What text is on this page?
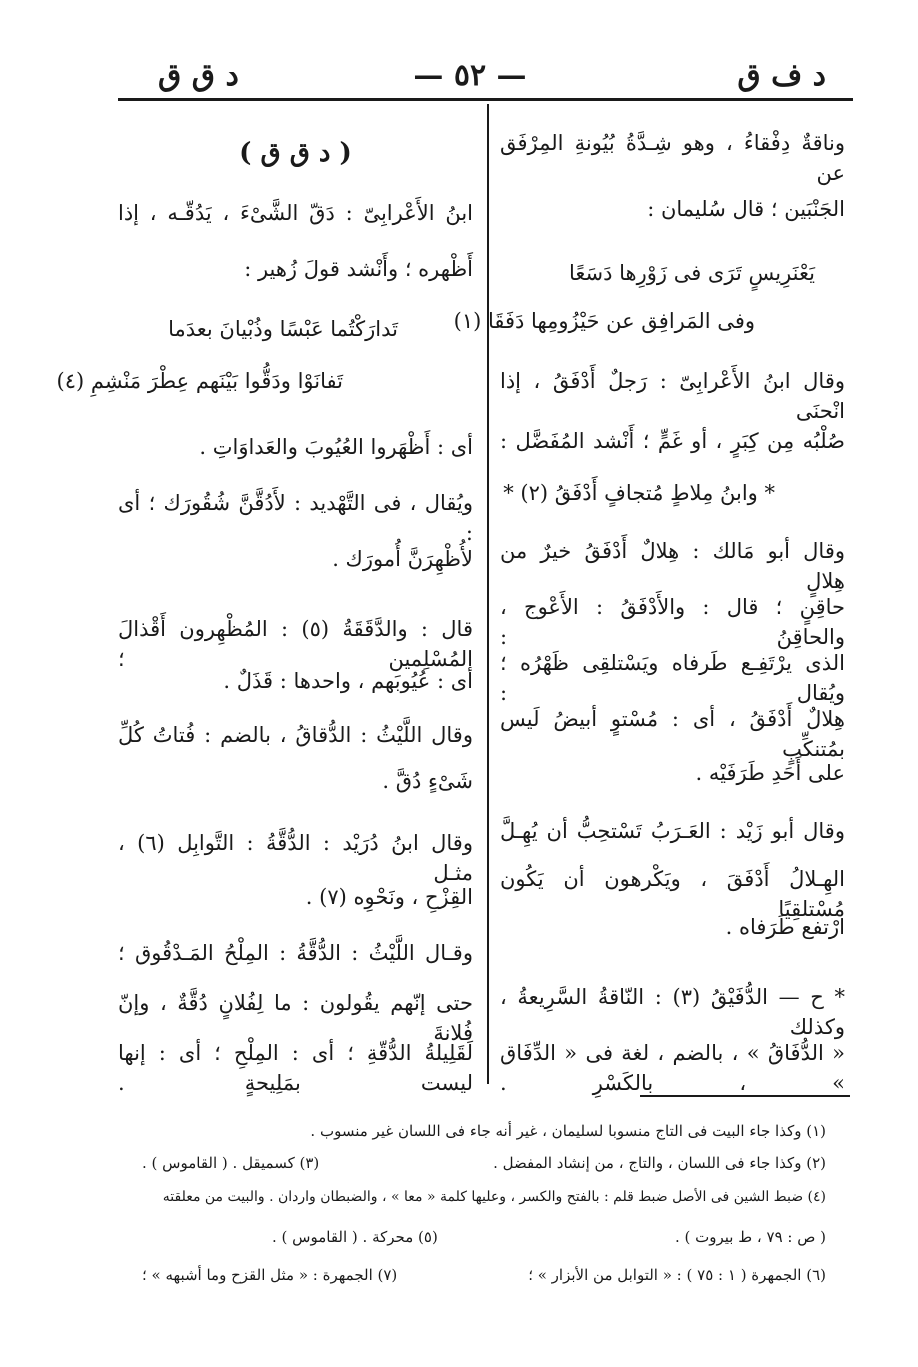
د ف ق
— ٥٢ —
د ق ق
وناقةٌ دِفْقاءُ ، وهو شِـدَّةُ بُيُونةِ المِرْفَق عن
الجَنْبَين ؛ قال سُليمان :
يَعْنَرِيسٍ تَرَى فى زَوْرِها دَسَعًا
وفى المَرافِق عن حَيْزُومِها دَفَقَا (١)
وقال ابنُ الأَعْرابِىّ : رَجلٌ أَدْفَقُ ، إذا انْحنَى
صُلْبُه مِن كِبَرٍ ، أو غَمٍّ ؛ أَنْشد المُفَضَّل :
* وابنُ مِلاطٍ مُتجافٍ أَدْفَقُ (٢) *
وقال أبو مَالك : هِلالٌ أَدْفَقُ خيرٌ من هِلالٍ
حاقِنٍ ؛ قال : والأَدْفَقُ : الأَعْوج ، والحاقِنُ :
الذى يرْتَفِـع طَرفاه ويَسْتلقِى ظَهْرُه ؛ ويُقال :
هِلالٌ أَدْفَقُ ، أى : مُسْتوٍ أبيضُ لَيس بمُتنكِّبٍ
على أَحَدِ طَرَفَيْه .
وقال أبو زَيْد : العَـرَبُ تَسْتحِبُّ أن يُهِـلَّ
الهِـلالُ أَدْفَقَ ، ويَكْرهون أن يَكُون مُسْتلقِيًا
ارْتفع طَرَفاه .
* ح — الدُّفَيْقُ (٣) : النّاقةُ السَّرِيعةُ ، وكذلك
« الدُّفَاقُ » ، بالضم ، لغة فى « الدِّفَاق » ، بالكَسْرِ .
( د ق ق )
ابنُ الأَعْرابِىّ : دَقّ الشَّىْءَ ، يَدُقّـه ، إذا
أَظْهره ؛ وأَنْشد قولَ زُهير :
تَدارَكْتُما عَبْسًا وذُبْيانَ بعدَما
تَفانَوْا ودَقُّوا بَيْنَهم عِطْرَ مَنْشِمِ (٤)
أى : أَظْهَروا العُيُوبَ والعَداوَاتِ .
ويُقال ، فى التَّهْديد : لأَدُقَّنَّ شُقُورَك ؛ أى :
لأُظْهِرَنَّ أُمورَك .
قال : والدَّقَقَةُ (٥) : المُظْهِرون أَقْذالَ المُسْلِمين ؛
أى : عُيُوبَهم ، واحدها : قَذَلٌ .
وقال اللَّيْثُ : الدُّقاقُ ، بالضم : فُتاتُ كُلِّ
شَىْءٍ دُقَّ .
وقال ابنُ دُرَيْد : الدُّقَّةُ : التَّوابِل (٦) ، مثـل
القِزْحِ ، ونَحْوِه (٧) .
وقـال اللَّيْثُ : الدُّقَّةُ : المِلْحُ المَـدْقُوق ؛
حتى إنّهم يقُولون : ما لِفُلانٍ دُقَّةٌ ، وإنّ فُلانةَ
لَقَلِيلةُ الدُّقّةِ ؛ أى : المِلْحِ ؛ أى : إنها ليست بمَلِيحةٍ .
(١) وكذا جاء البيت فى التاج منسوبا لسليمان ، غير أنه جاء فى اللسان غير منسوب .
(٢) وكذا جاء فى اللسان ، والتاج ، من إنشاد المفضل .
(٣) كسميقل . ( القاموس ) .
(٤) ضبط الشين فى الأصل ضبط قلم : بالفتح والكسر ، وعليها كلمة « معا » ، والضبطان واردان . والبيت من معلقته
( ص : ٧٩ ، ط بيروت ) .
(٥) محركة . ( القاموس ) .
(٦) الجمهرة ( ١ : ٧٥ ) : « التوابل من الأبزار » ؛
(٧) الجمهرة : « مثل القزح وما أشبهه » ؛
